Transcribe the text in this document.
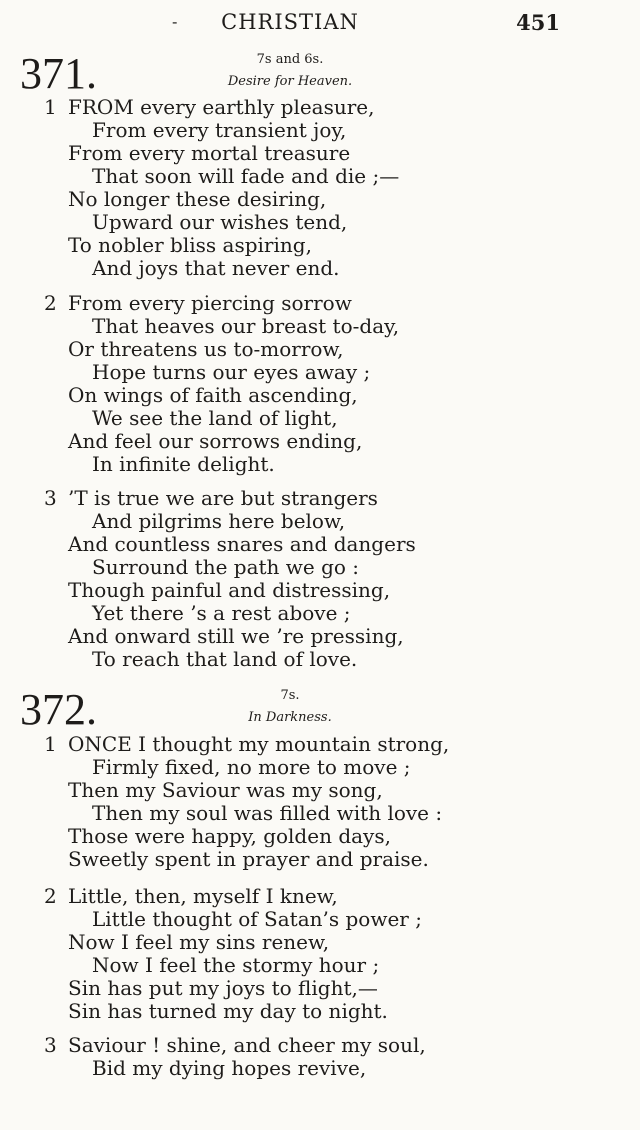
-	CHRISTIAN	451
371.	7s and 6s.
Desire for Heaven.
1 FROM every earthly pleasure,
From every transient joy,
From every mortal treasure
That soon will fade and die ;—
No longer these desiring,
Upward our wishes tend,
To nobler bliss aspiring,
And joys that never end.
2 From every piercing sorrow
That heaves our breast to-day,
Or threatens us to-morrow,
Hope turns our eyes away ;
On wings of faith ascending,
We see the land of light,
And feel our sorrows ending,
In infinite delight.
3 ’T is true we are but strangers
And pilgrims here below,
And countless snares and dangers
Surround the path we go :
Though painful and distressing,
Yet there ’s a rest above ;
And onward still we ’re pressing,
To reach that land of love.
372.	7s.
In Darkness.
1 ONCE I thought my mountain strong,
Firmly fixed, no more to move ;
Then my Saviour was my song,
Then my soul was filled with love :
Those were happy, golden days,
Sweetly spent in prayer and praise.
2 Little, then, myself I knew,
Little thought of Satan’s power ;
Now I feel my sins renew,
Now I feel the stormy hour ;
Sin has put my joys to flight,—
Sin has turned my day to night.
3 Saviour ! shine, and cheer my soul,
Bid my dying hopes revive,
